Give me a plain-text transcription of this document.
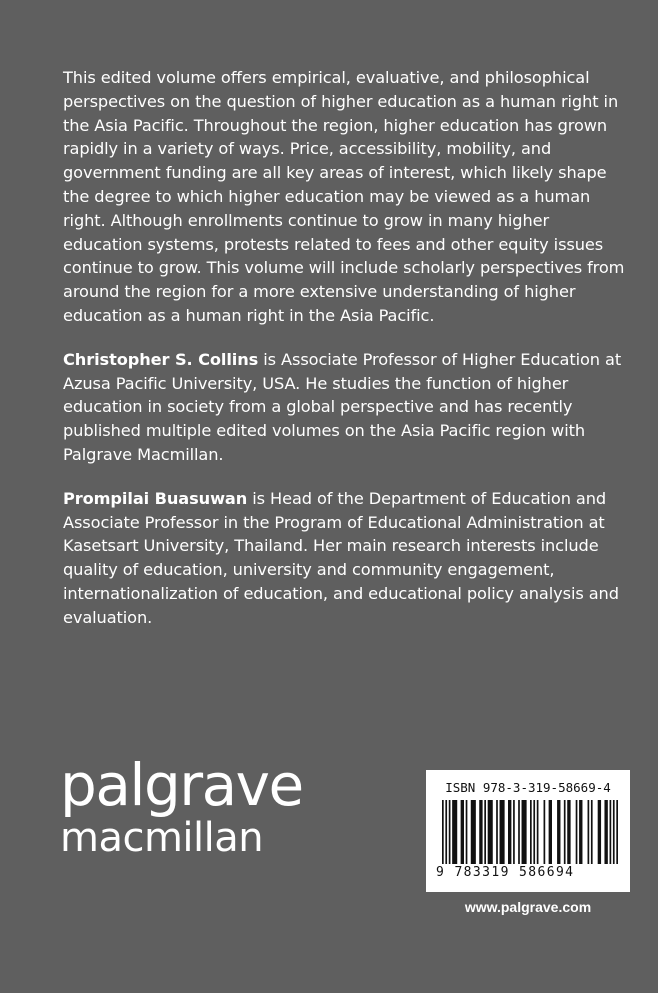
This edited volume offers empirical, evaluative, and philosophical perspectives on the question of higher education as a human right in the Asia Pacific. Throughout the region, higher education has grown rapidly in a variety of ways. Price, accessibility, mobility, and government funding are all key areas of interest, which likely shape the degree to which higher education may be viewed as a human right. Although enrollments continue to grow in many higher education systems, protests related to fees and other equity issues continue to grow. This volume will include scholarly perspectives from around the region for a more extensive understanding of higher education as a human right in the Asia Pacific.

Christopher S. Collins is Associate Professor of Higher Education at Azusa Pacific University, USA. He studies the function of higher education in society from a global perspective and has recently published multiple edited volumes on the Asia Pacific region with Palgrave Macmillan.

Prompilai Buasuwan is Head of the Department of Education and Associate Professor in the Program of Educational Administration at Kasetsart University, Thailand. Her main research interests include quality of education, university and community engagement, internationalization of education, and educational policy analysis and evaluation.

palgrave
macmillan
ISBN 978-3-319-58669-4
9 783319 586694
www.palgrave.com
